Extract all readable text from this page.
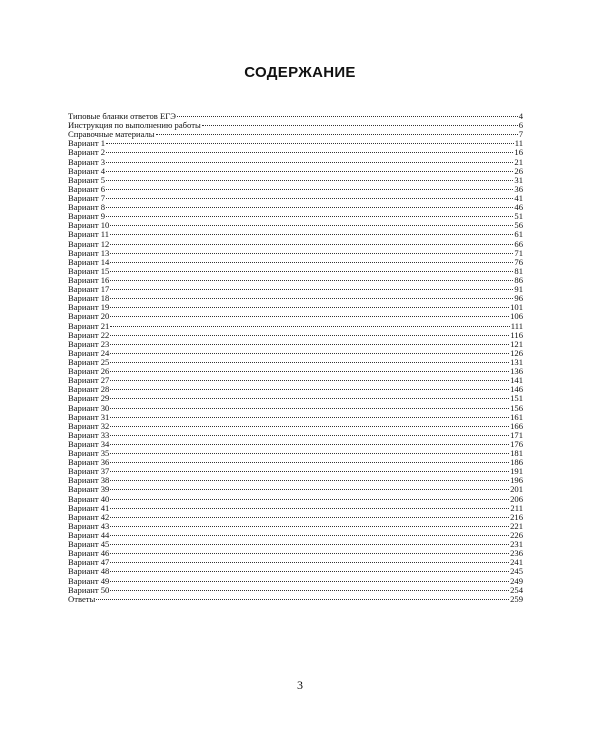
СОДЕРЖАНИЕ
Типовые бланки ответов ЕГЭ	4
Инструкция по выполнению работы	6
Справочные материалы	7
Вариант 1	11
Вариант 2	16
Вариант 3	21
Вариант 4	26
Вариант 5	31
Вариант 6	36
Вариант 7	41
Вариант 8	46
Вариант 9	51
Вариант 10	56
Вариант 11	61
Вариант 12	66
Вариант 13	71
Вариант 14	76
Вариант 15	81
Вариант 16	86
Вариант 17	91
Вариант 18	96
Вариант 19	101
Вариант 20	106
Вариант 21	111
Вариант 22	116
Вариант 23	121
Вариант 24	126
Вариант 25	131
Вариант 26	136
Вариант 27	141
Вариант 28	146
Вариант 29	151
Вариант 30	156
Вариант 31	161
Вариант 32	166
Вариант 33	171
Вариант 34	176
Вариант 35	181
Вариант 36	186
Вариант 37	191
Вариант 38	196
Вариант 39	201
Вариант 40	206
Вариант 41	211
Вариант 42	216
Вариант 43	221
Вариант 44	226
Вариант 45	231
Вариант 46	236
Вариант 47	241
Вариант 48	245
Вариант 49	249
Вариант 50	254
Ответы	259
3
